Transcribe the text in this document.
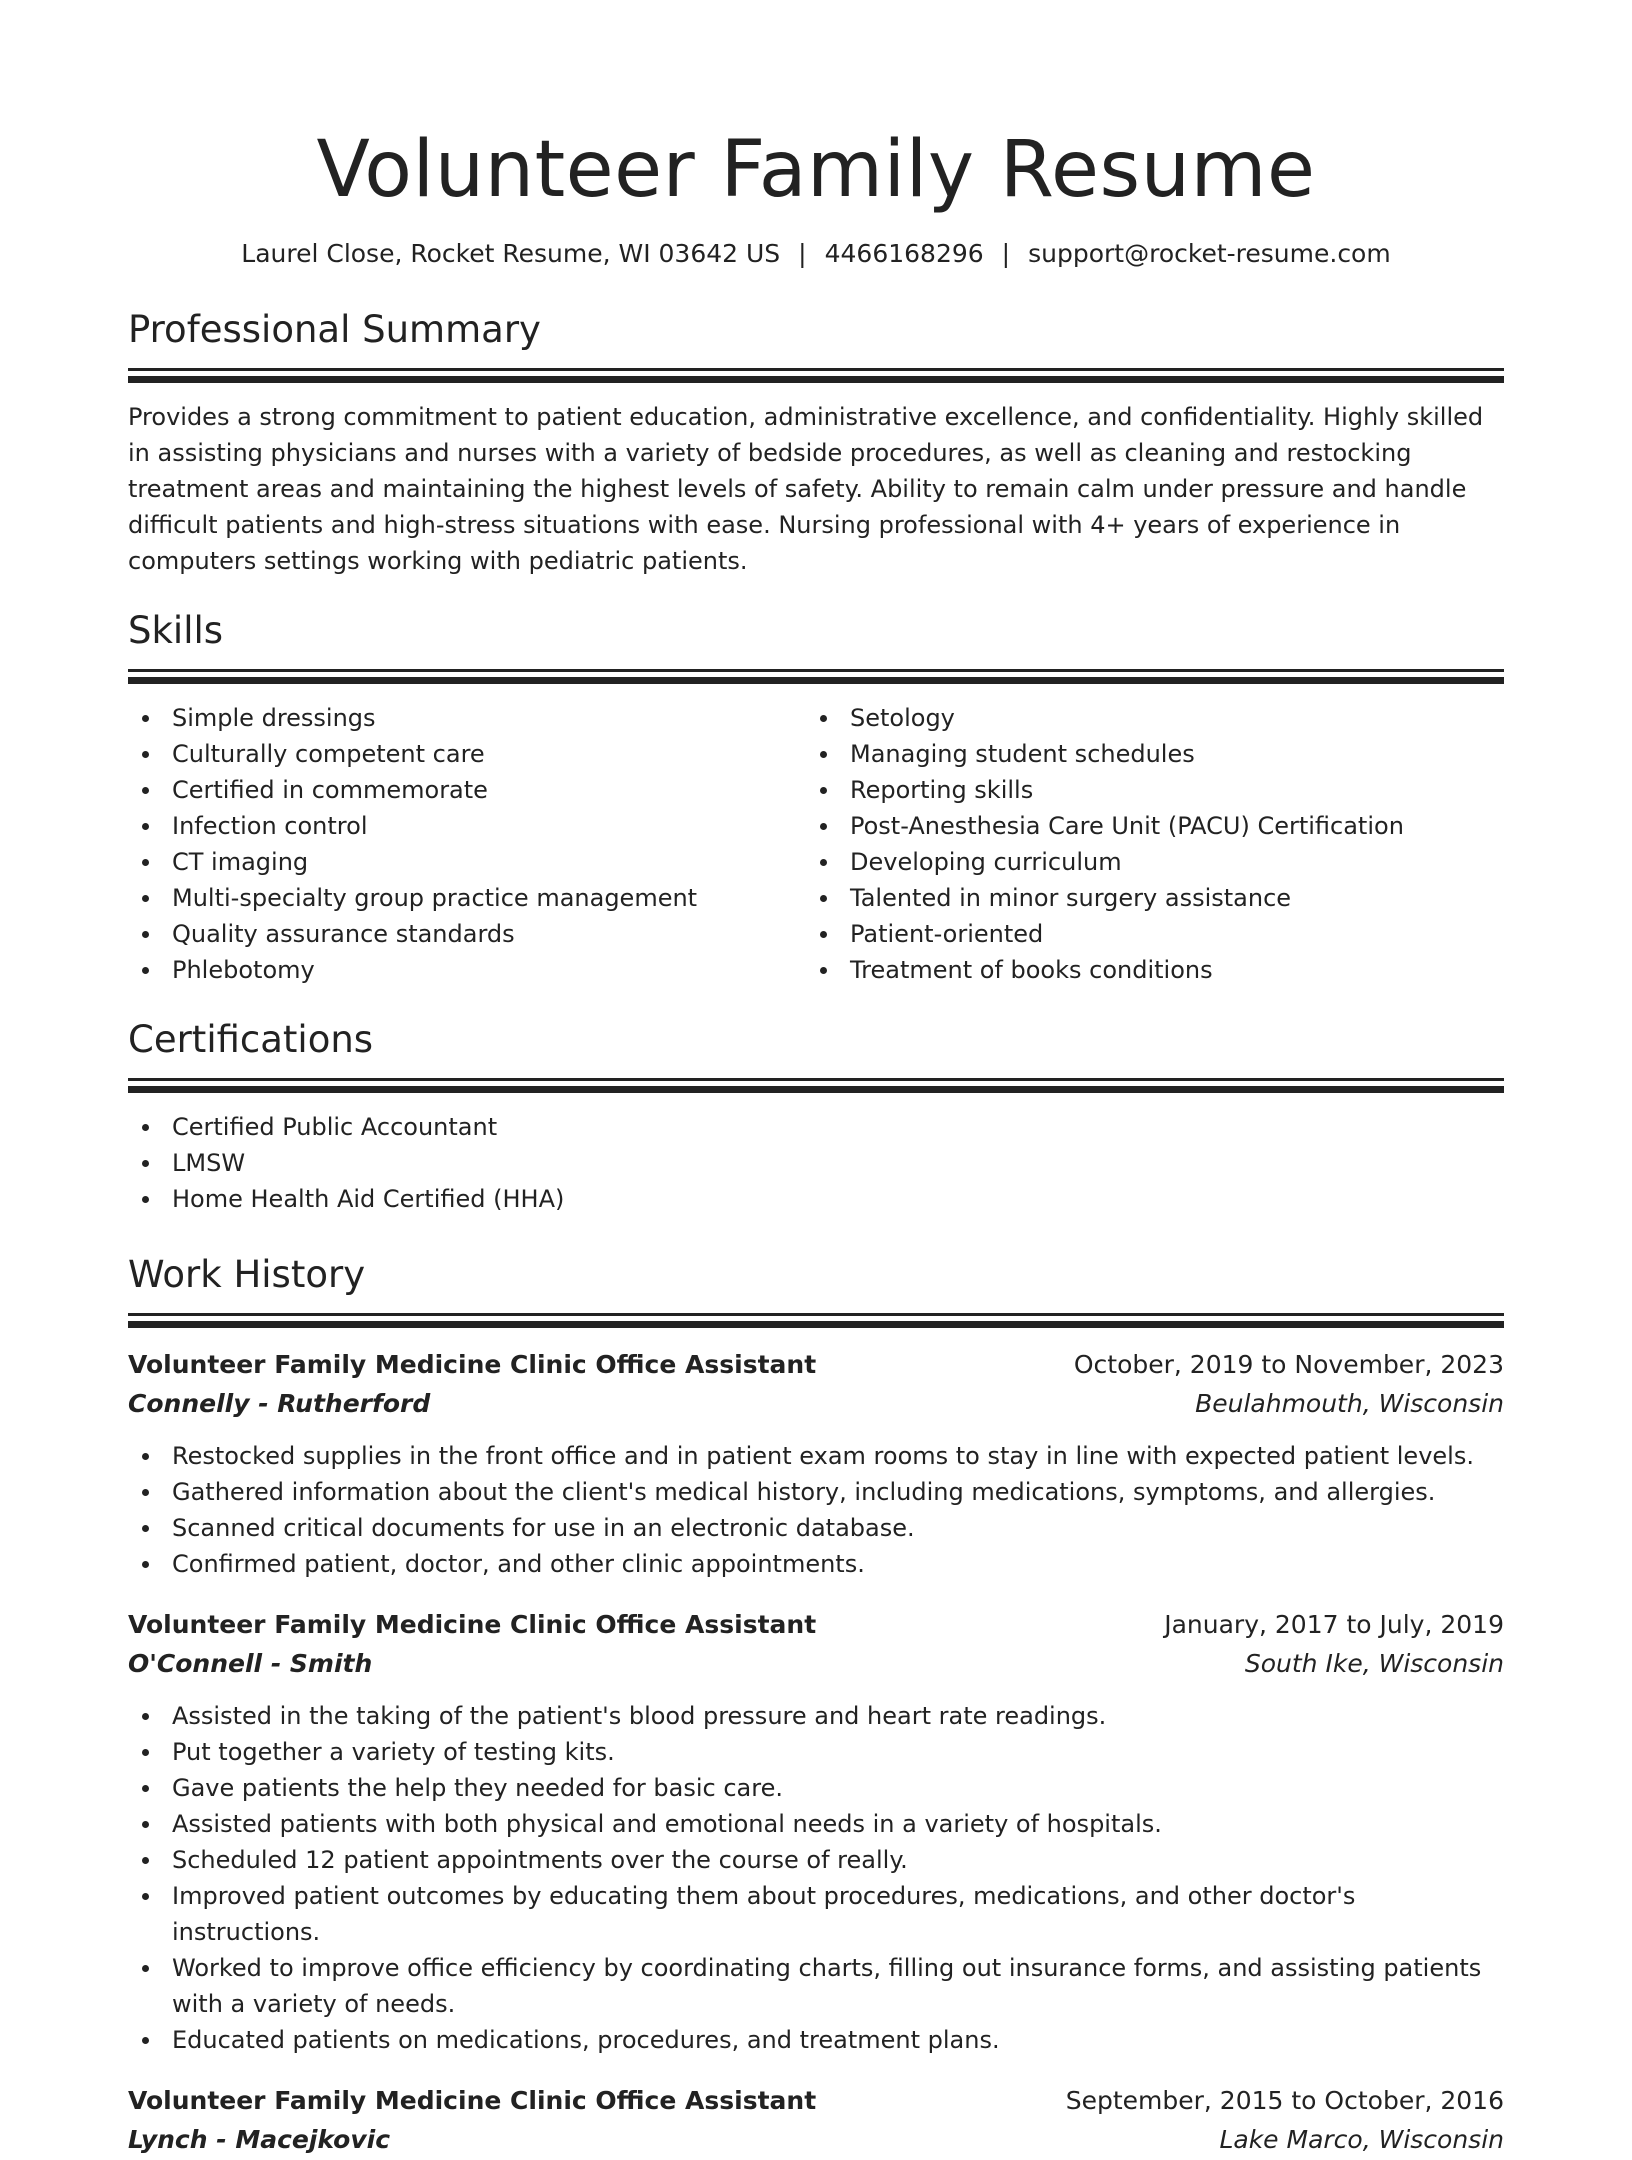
Volunteer Family Resume
Laurel Close, Rocket Resume, WI 03642 US | 4466168296 | support@rocket-resume.com
Professional Summary
Provides a strong commitment to patient education, administrative excellence, and confidentiality. Highly skilled in assisting physicians and nurses with a variety of bedside procedures, as well as cleaning and restocking treatment areas and maintaining the highest levels of safety. Ability to remain calm under pressure and handle difficult patients and high-stress situations with ease. Nursing professional with 4+ years of experience in computers settings working with pediatric patients.
Skills
Simple dressings
Culturally competent care
Certified in commemorate
Infection control
CT imaging
Multi-specialty group practice management
Quality assurance standards
Phlebotomy
Setology
Managing student schedules
Reporting skills
Post-Anesthesia Care Unit (PACU) Certification
Developing curriculum
Talented in minor surgery assistance
Patient-oriented
Treatment of books conditions
Certifications
Certified Public Accountant
LMSW
Home Health Aid Certified (HHA)
Work History
Volunteer Family Medicine Clinic Office Assistant	October, 2019 to November, 2023
Connelly - Rutherford	Beulahmouth, Wisconsin
Restocked supplies in the front office and in patient exam rooms to stay in line with expected patient levels.
Gathered information about the client's medical history, including medications, symptoms, and allergies.
Scanned critical documents for use in an electronic database.
Confirmed patient, doctor, and other clinic appointments.
Volunteer Family Medicine Clinic Office Assistant	January, 2017 to July, 2019
O'Connell - Smith	South Ike, Wisconsin
Assisted in the taking of the patient's blood pressure and heart rate readings.
Put together a variety of testing kits.
Gave patients the help they needed for basic care.
Assisted patients with both physical and emotional needs in a variety of hospitals.
Scheduled 12 patient appointments over the course of really.
Improved patient outcomes by educating them about procedures, medications, and other doctor's instructions.
Worked to improve office efficiency by coordinating charts, filling out insurance forms, and assisting patients with a variety of needs.
Educated patients on medications, procedures, and treatment plans.
Volunteer Family Medicine Clinic Office Assistant	September, 2015 to October, 2016
Lynch - Macejkovic	Lake Marco, Wisconsin
